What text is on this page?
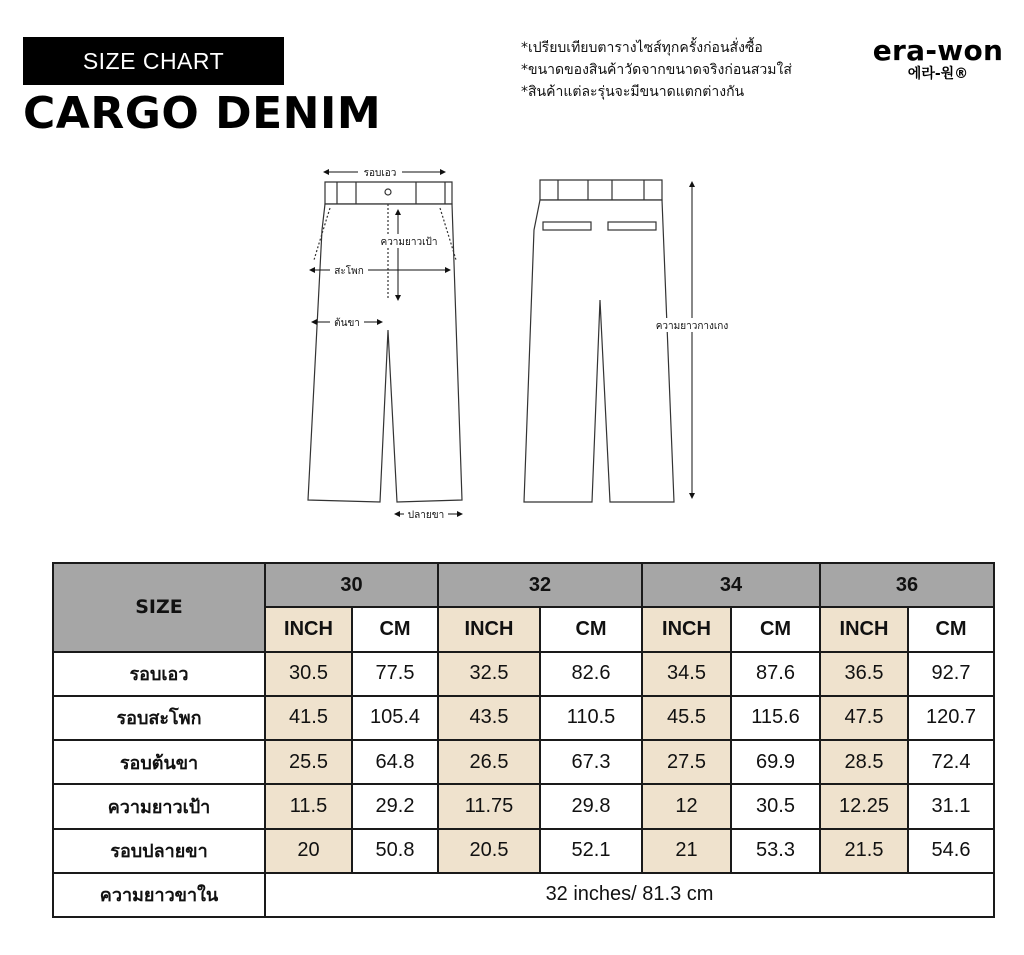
SIZE CHART
CARGO DENIM
*เปรียบเทียบตารางไซส์ทุกครั้งก่อนสั่งซื้อ
*ขนาดของสินค้าวัดจากขนาดจริงก่อนสวมใส่
*สินค้าแต่ละรุ่นจะมีขนาดแตกต่างกัน
era-won
에라-원®
รอบเอว
ความยาวเป้า
สะโพก
ต้นขา
ปลายขา
ความยาวกางเกง
SIZE	30		32		34		36	
	INCH	CM	INCH	CM	INCH	CM	INCH	CM
รอบเอว	30.5	77.5	32.5	82.6	34.5	87.6	36.5	92.7
รอบสะโพก	41.5	105.4	43.5	110.5	45.5	115.6	47.5	120.7
รอบต้นขา	25.5	64.8	26.5	67.3	27.5	69.9	28.5	72.4
ความยาวเป้า	11.5	29.2	11.75	29.8	12	30.5	12.25	31.1
รอบปลายขา	20	50.8	20.5	52.1	21	53.3	21.5	54.6
ความยาวขาใน	32 inches/ 81.3 cm							
